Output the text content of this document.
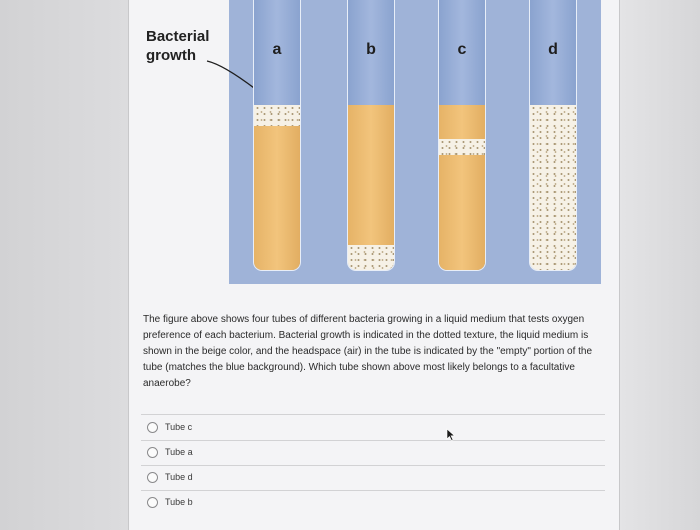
Bacterial growth	a	b	c	d
The figure above shows four tubes of different bacteria growing in a liquid medium that tests oxygen preference of each bacterium. Bacterial growth is indicated in the dotted texture, the liquid medium is shown in the beige color, and the headspace (air) in the tube is indicated by the "empty" portion of the tube (matches the blue background). Which tube shown above most likely belongs to a facultative anaerobe?
Tube c
Tube a
Tube d
Tube b
